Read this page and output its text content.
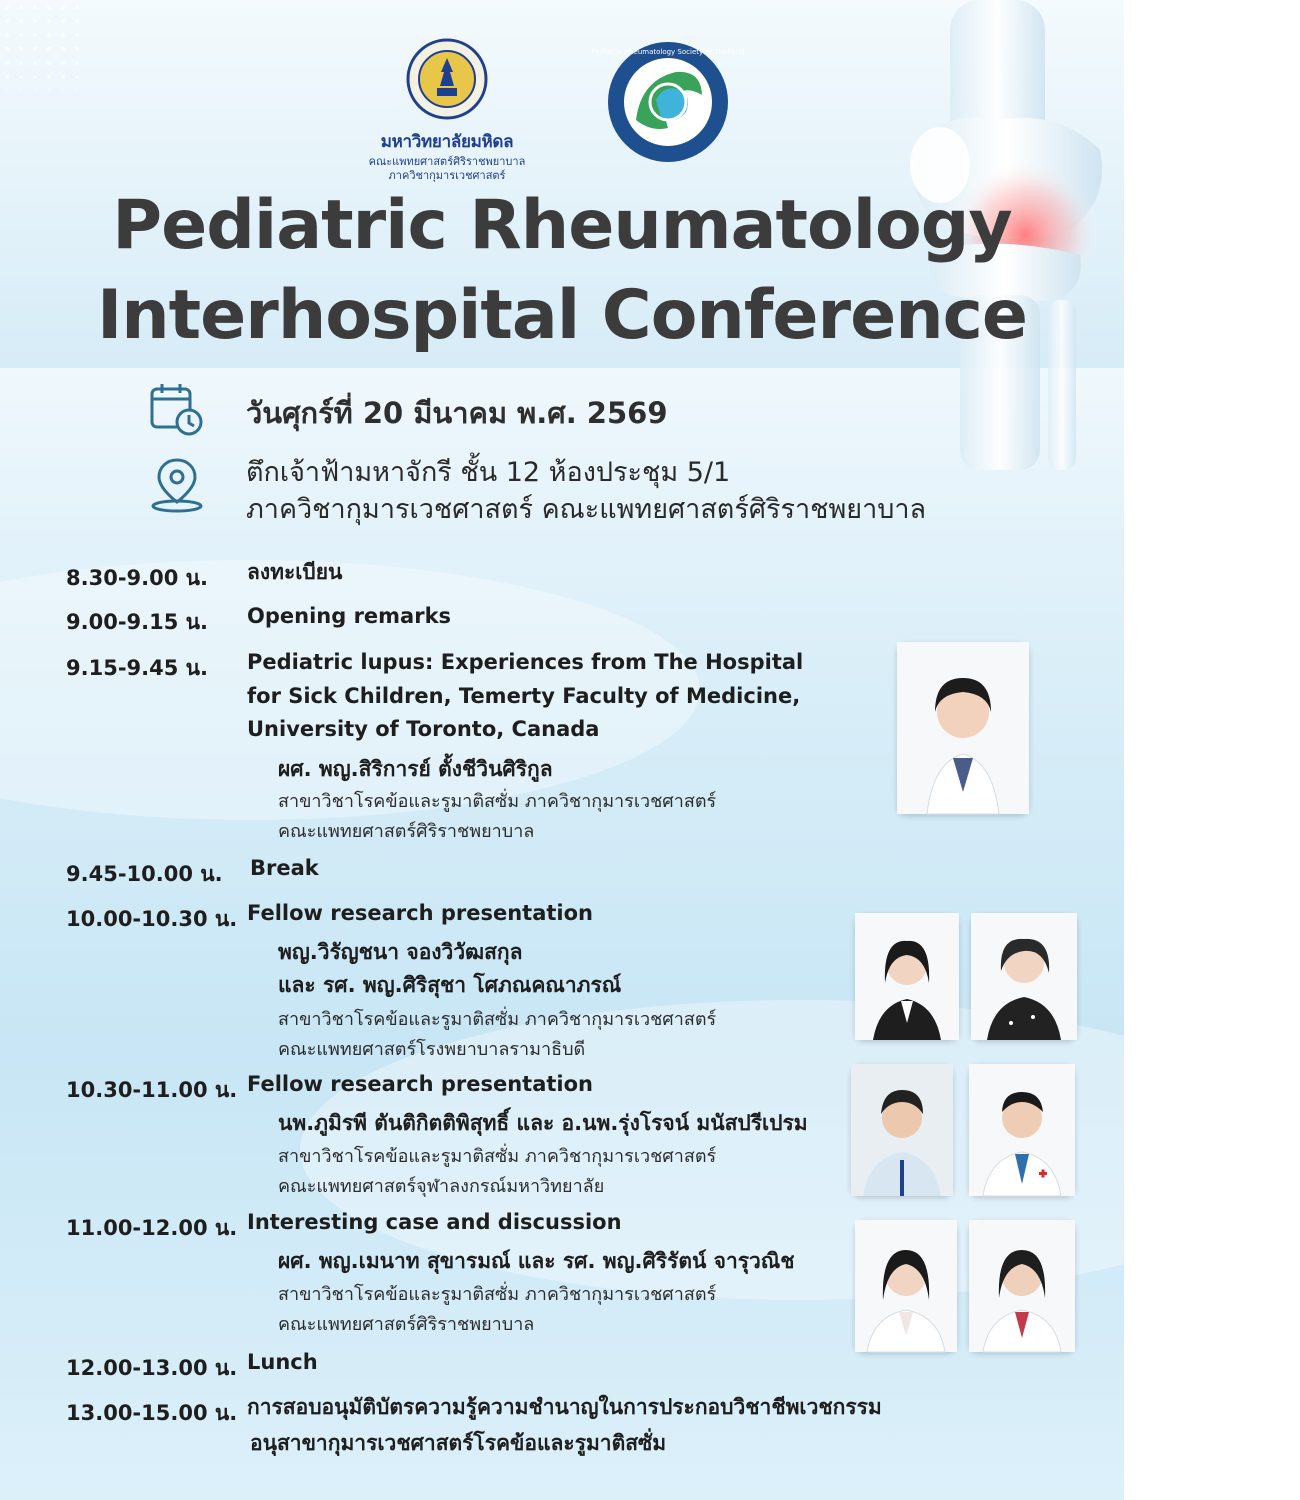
มหาวิทยาลัยมหิดล
คณะแพทยศาสตร์ศิริราชพยาบาล
ภาควิชากุมารเวชศาสตร์
Pediatric Rheumatology Society of Thailand
Pediatric Rheumatology
Interhospital Conference
วันศุกร์ที่ 20 มีนาคม พ.ศ. 2569
ตึกเจ้าฟ้ามหาจักรี ชั้น 12 ห้องประชุม 5/1
ภาควิชากุมารเวชศาสตร์ คณะแพทยศาสตร์ศิริราชพยาบาล
8.30-9.00 น. ลงทะเบียน
9.00-9.15 น. Opening remarks
9.15-9.45 น. Pediatric lupus: Experiences from The Hospital
for Sick Children, Temerty Faculty of Medicine,
University of Toronto, Canada
ผศ. พญ.สิริการย์ ตั้งชีวินศิริกูล
สาขาวิชาโรคข้อและรูมาติสซั่ม ภาควิชากุมารเวชศาสตร์
คณะแพทยศาสตร์ศิริราชพยาบาล
9.45-10.00 น. Break
10.00-10.30 น. Fellow research presentation
พญ.วิรัญชนา จองวิวัฒสกุล
และ รศ. พญ.ศิริสุชา โศภณคณาภรณ์
สาขาวิชาโรคข้อและรูมาติสซั่ม ภาควิชากุมารเวชศาสตร์
คณะแพทยศาสตร์โรงพยาบาลรามาธิบดี
10.30-11.00 น. Fellow research presentation
นพ.ภูมิรพี ตันติกิตติพิสุทธิ์ และ อ.นพ.รุ่งโรจน์ มนัสปรีเปรม
สาขาวิชาโรคข้อและรูมาติสซั่ม ภาควิชากุมารเวชศาสตร์
คณะแพทยศาสตร์จุฬาลงกรณ์มหาวิทยาลัย
11.00-12.00 น. Interesting case and discussion
ผศ. พญ.เมนาท สุขารมณ์ และ รศ. พญ.ศิริรัตน์ จารุวณิช
สาขาวิชาโรคข้อและรูมาติสซั่ม ภาควิชากุมารเวชศาสตร์
คณะแพทยศาสตร์ศิริราชพยาบาล
12.00-13.00 น. Lunch
13.00-15.00 น. การสอบอนุมัติบัตรความรู้ความชำนาญในการประกอบวิชาชีพเวชกรรม
อนุสาขากุมารเวชศาสตร์โรคข้อและรูมาติสซั่ม
